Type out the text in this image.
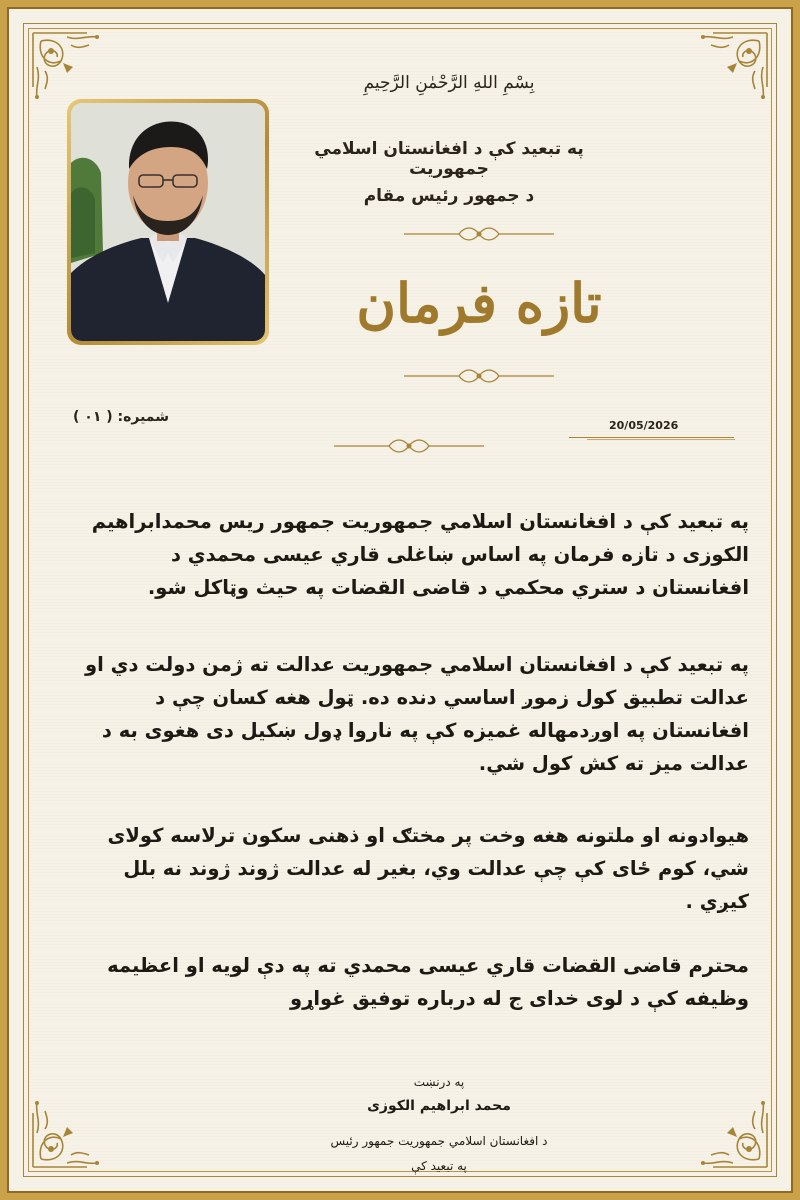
بِسْمِ اللهِ الرَّحْمٰنِ الرَّحِيمِ
په تبعید کې د افغانستان اسلامي جمهوریت
د جمهور رئیس مقام
تازه فرمان
شمیره: ( ۰۱ )
20/05/2026
په تبعید کې د افغانستان اسلامي جمهوریت جمهور ریس محمدابراهیم الکوزی د تازه فرمان په اساس ښاغلی قاري عیسی محمدي د افغانستان د ستري محکمي د قاضی القضات په حیث وټاکل شو.
په تبعید کې د افغانستان اسلامي جمهوریت عدالت ته ژمن دولت دي او عدالت تطبیق کول زموږ اساسي دنده ده. ټول هغه کسان چې د افغانستان په اوږدمهاله غمیزه کې په ناروا ډول ښکیل دی هغوی به د عدالت میز ته کش کول شي.
هیوادونه او ملتونه هغه وخت پر مختګ او ذهنی سکون ترلاسه کولای شي، کوم ځای کې چې عدالت وي، بغیر له عدالت ژوند ژوند نه بلل کیږي .
محترم قاضی القضات قاري عیسی محمدي ته په دې لویه او اعظیمه وظیفه کې د لوی خدای ج له درباره توفیق غواړو
په درنښت
محمد ابراهیم الکوزی
د افغانستان اسلامي جمهوریت جمهور رئیس
په تبعید کې
